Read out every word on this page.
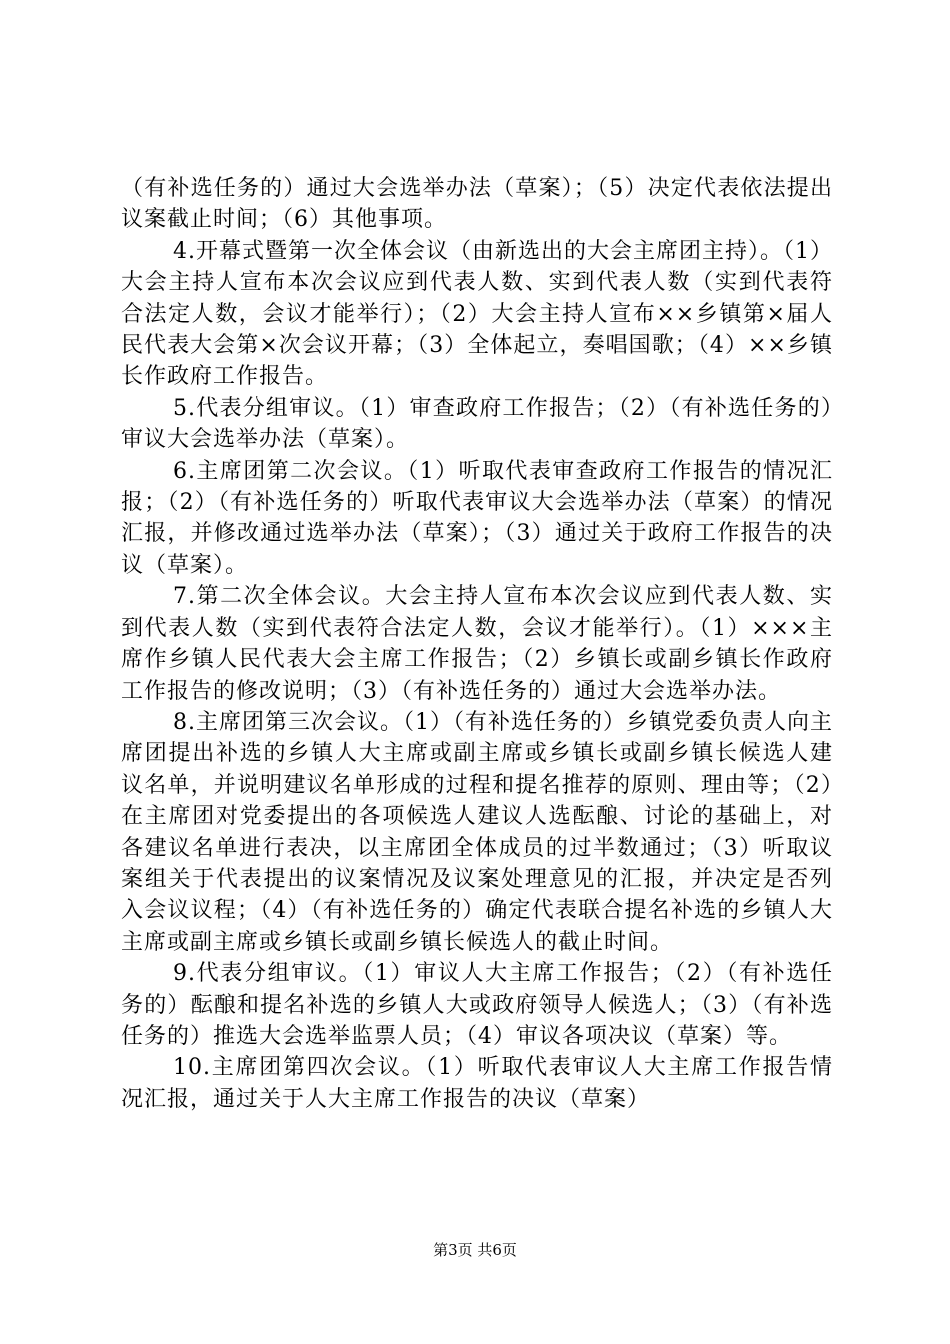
（有补选任务的）通过大会选举办法（草案）；（5）决定代表依法提出议案截止时间；（6）其他事项。

4.开幕式暨第一次全体会议（由新选出的大会主席团主持）。（1）大会主持人宣布本次会议应到代表人数、实到代表人数（实到代表符合法定人数，会议才能举行）；（2）大会主持人宣布××乡镇第×届人民代表大会第×次会议开幕；（3）全体起立，奏唱国歌；（4）××乡镇长作政府工作报告。

5.代表分组审议。（1）审查政府工作报告；（2）（有补选任务的）审议大会选举办法（草案）。

6.主席团第二次会议。（1）听取代表审查政府工作报告的情况汇报；（2）（有补选任务的）听取代表审议大会选举办法（草案）的情况汇报，并修改通过选举办法（草案）；（3）通过关于政府工作报告的决议（草案）。

7.第二次全体会议。大会主持人宣布本次会议应到代表人数、实到代表人数（实到代表符合法定人数，会议才能举行）。（1）×××主席作乡镇人民代表大会主席工作报告；（2）乡镇长或副乡镇长作政府工作报告的修改说明；（3）（有补选任务的）通过大会选举办法。

8.主席团第三次会议。（1）（有补选任务的）乡镇党委负责人向主席团提出补选的乡镇人大主席或副主席或乡镇长或副乡镇长候选人建议名单，并说明建议名单形成的过程和提名推荐的原则、理由等；（2）在主席团对党委提出的各项候选人建议人选酝酿、讨论的基础上，对各建议名单进行表决，以主席团全体成员的过半数通过；（3）听取议案组关于代表提出的议案情况及议案处理意见的汇报，并决定是否列入会议议程；（4）（有补选任务的）确定代表联合提名补选的乡镇人大主席或副主席或乡镇长或副乡镇长候选人的截止时间。

9.代表分组审议。（1）审议人大主席工作报告；（2）（有补选任务的）酝酿和提名补选的乡镇人大或政府领导人候选人；（3）（有补选任务的）推选大会选举监票人员；（4）审议各项决议（草案）等。

10.主席团第四次会议。（1）听取代表审议人大主席工作报告情况汇报，通过关于人大主席工作报告的决议（草案）

第3页 共6页
